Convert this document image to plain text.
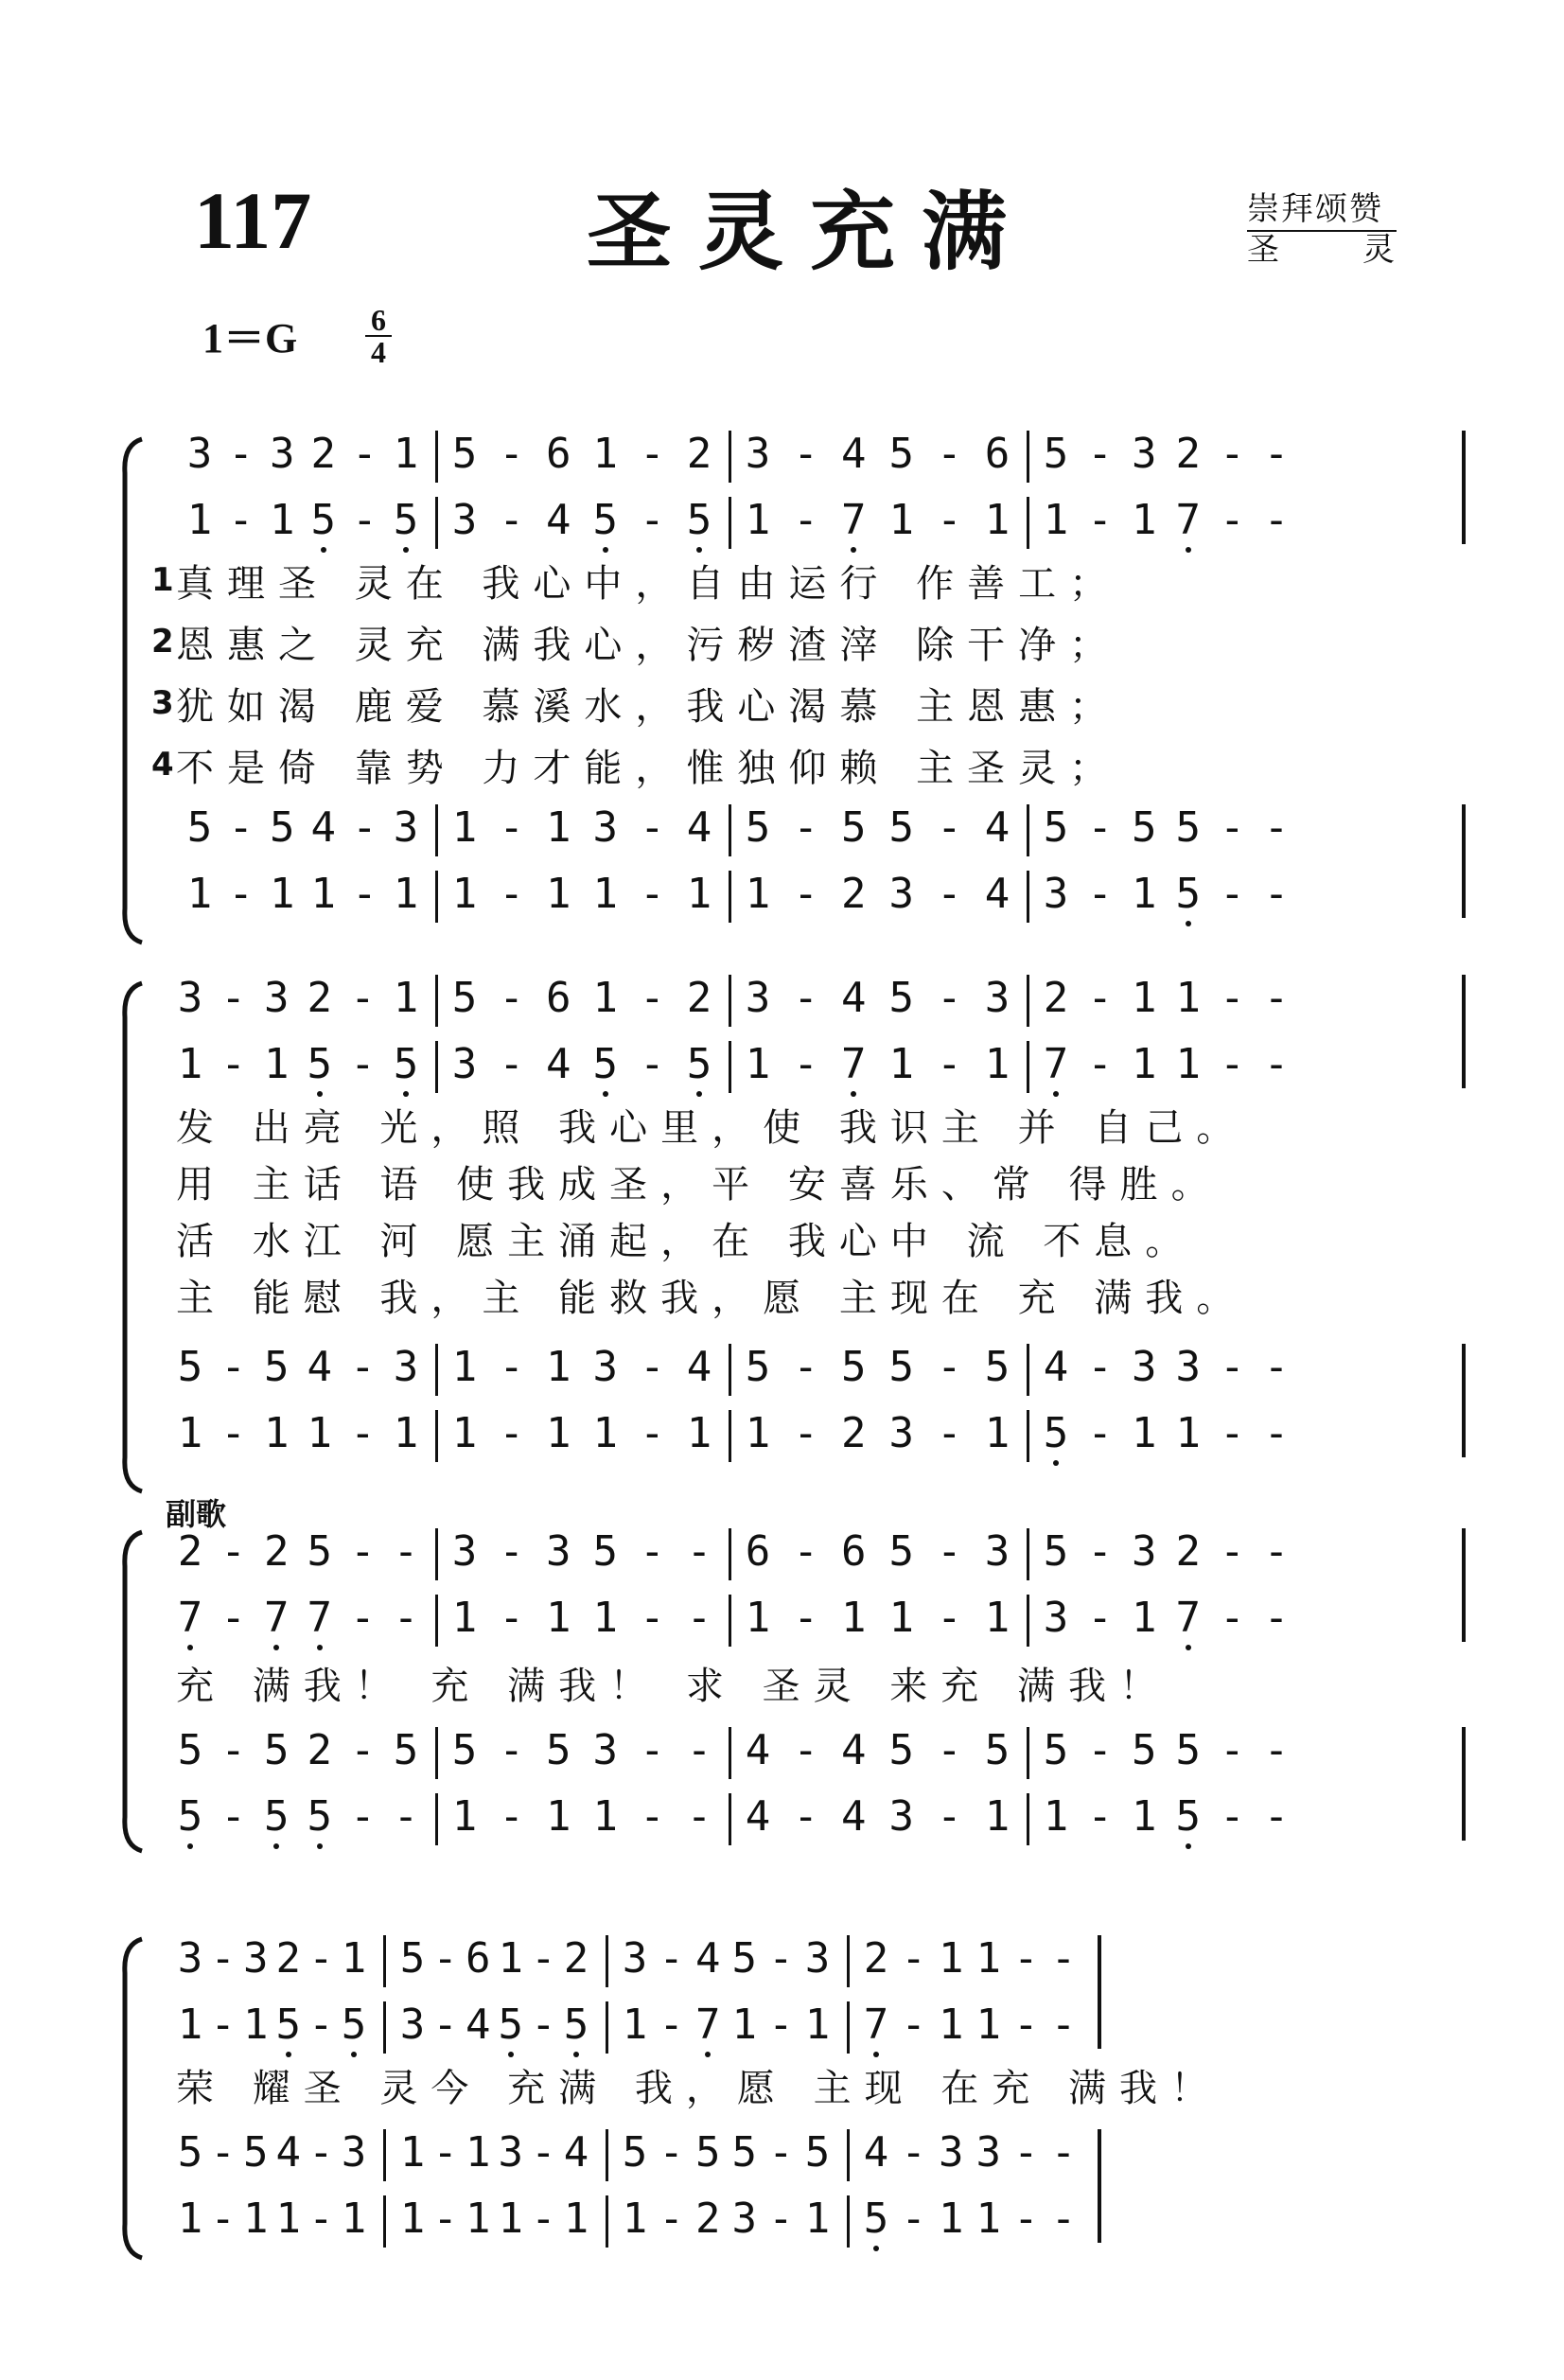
117	圣灵充满	崇拜颂赞
圣　灵
1＝G 6
4
副歌
3 - 3 2 - 1 5 - 6 1 - 2 3 - 4 5 - 6 5 - 3 2 - -
1 - 1 5 - 5 3 - 4 5 - 5 1 - 7 1 - 1 1 - 1 7 - -
1 真理圣 灵在 我心中，自由运行 作善工；
2 恩惠之 灵充 满我心，污秽渣滓 除干净；
3 犹如渴 鹿爱 慕溪水，我心渴慕 主恩惠；
4 不是倚 靠势 力才能，惟独仰赖 主圣灵；
5 - 5 4 - 3 1 - 1 3 - 4 5 - 5 5 - 4 5 - 5 5 - -
1 - 1 1 - 1 1 - 1 1 - 1 1 - 2 3 - 4 3 - 1 5 - -
3 - 3 2 - 1 5 - 6 1 - 2 3 - 4 5 - 3 2 - 1 1 - -
1 - 1 5 - 5 3 - 4 5 - 5 1 - 7 1 - 1 7 - 1 1 - -
发 出亮 光，照 我心里，使 我识主 并 自己。
用 主话 语 使我成圣，平 安喜乐、常 得胜。
活 水江 河 愿主涌起，在 我心中 流 不息。
主 能慰 我，主 能救我，愿 主现在 充 满我。
5 - 5 4 - 3 1 - 1 3 - 4 5 - 5 5 - 5 4 - 3 3 - -
1 - 1 1 - 1 1 - 1 1 - 1 1 - 2 3 - 1 5 - 1 1 - -
2 - 2 5 - - 3 - 3 5 - - 6 - 6 5 - 3 5 - 3 2 - -
7 - 7 7 - - 1 - 1 1 - - 1 - 1 1 - 1 3 - 1 7 - -
充 满我！ 充 满我！ 求 圣灵 来充 满我！
5 - 5 2 - 5 5 - 5 3 - - 4 - 4 5 - 5 5 - 5 5 - -
5 - 5 5 - - 1 - 1 1 - - 4 - 4 3 - 1 1 - 1 5 - -
3 - 3 2 - 1 5 - 6 1 - 2 3 - 4 5 - 3 2 - 1 1 - -
1 - 1 5 - 5 3 - 4 5 - 5 1 - 7 1 - 1 7 - 1 1 - -
荣 耀圣 灵今 充满 我，愿 主现 在充 满我！
5 - 5 4 - 3 1 - 1 3 - 4 5 - 5 5 - 5 4 - 3 3 - -
1 - 1 1 - 1 1 - 1 1 - 1 1 - 2 3 - 1 5 - 1 1 - -
